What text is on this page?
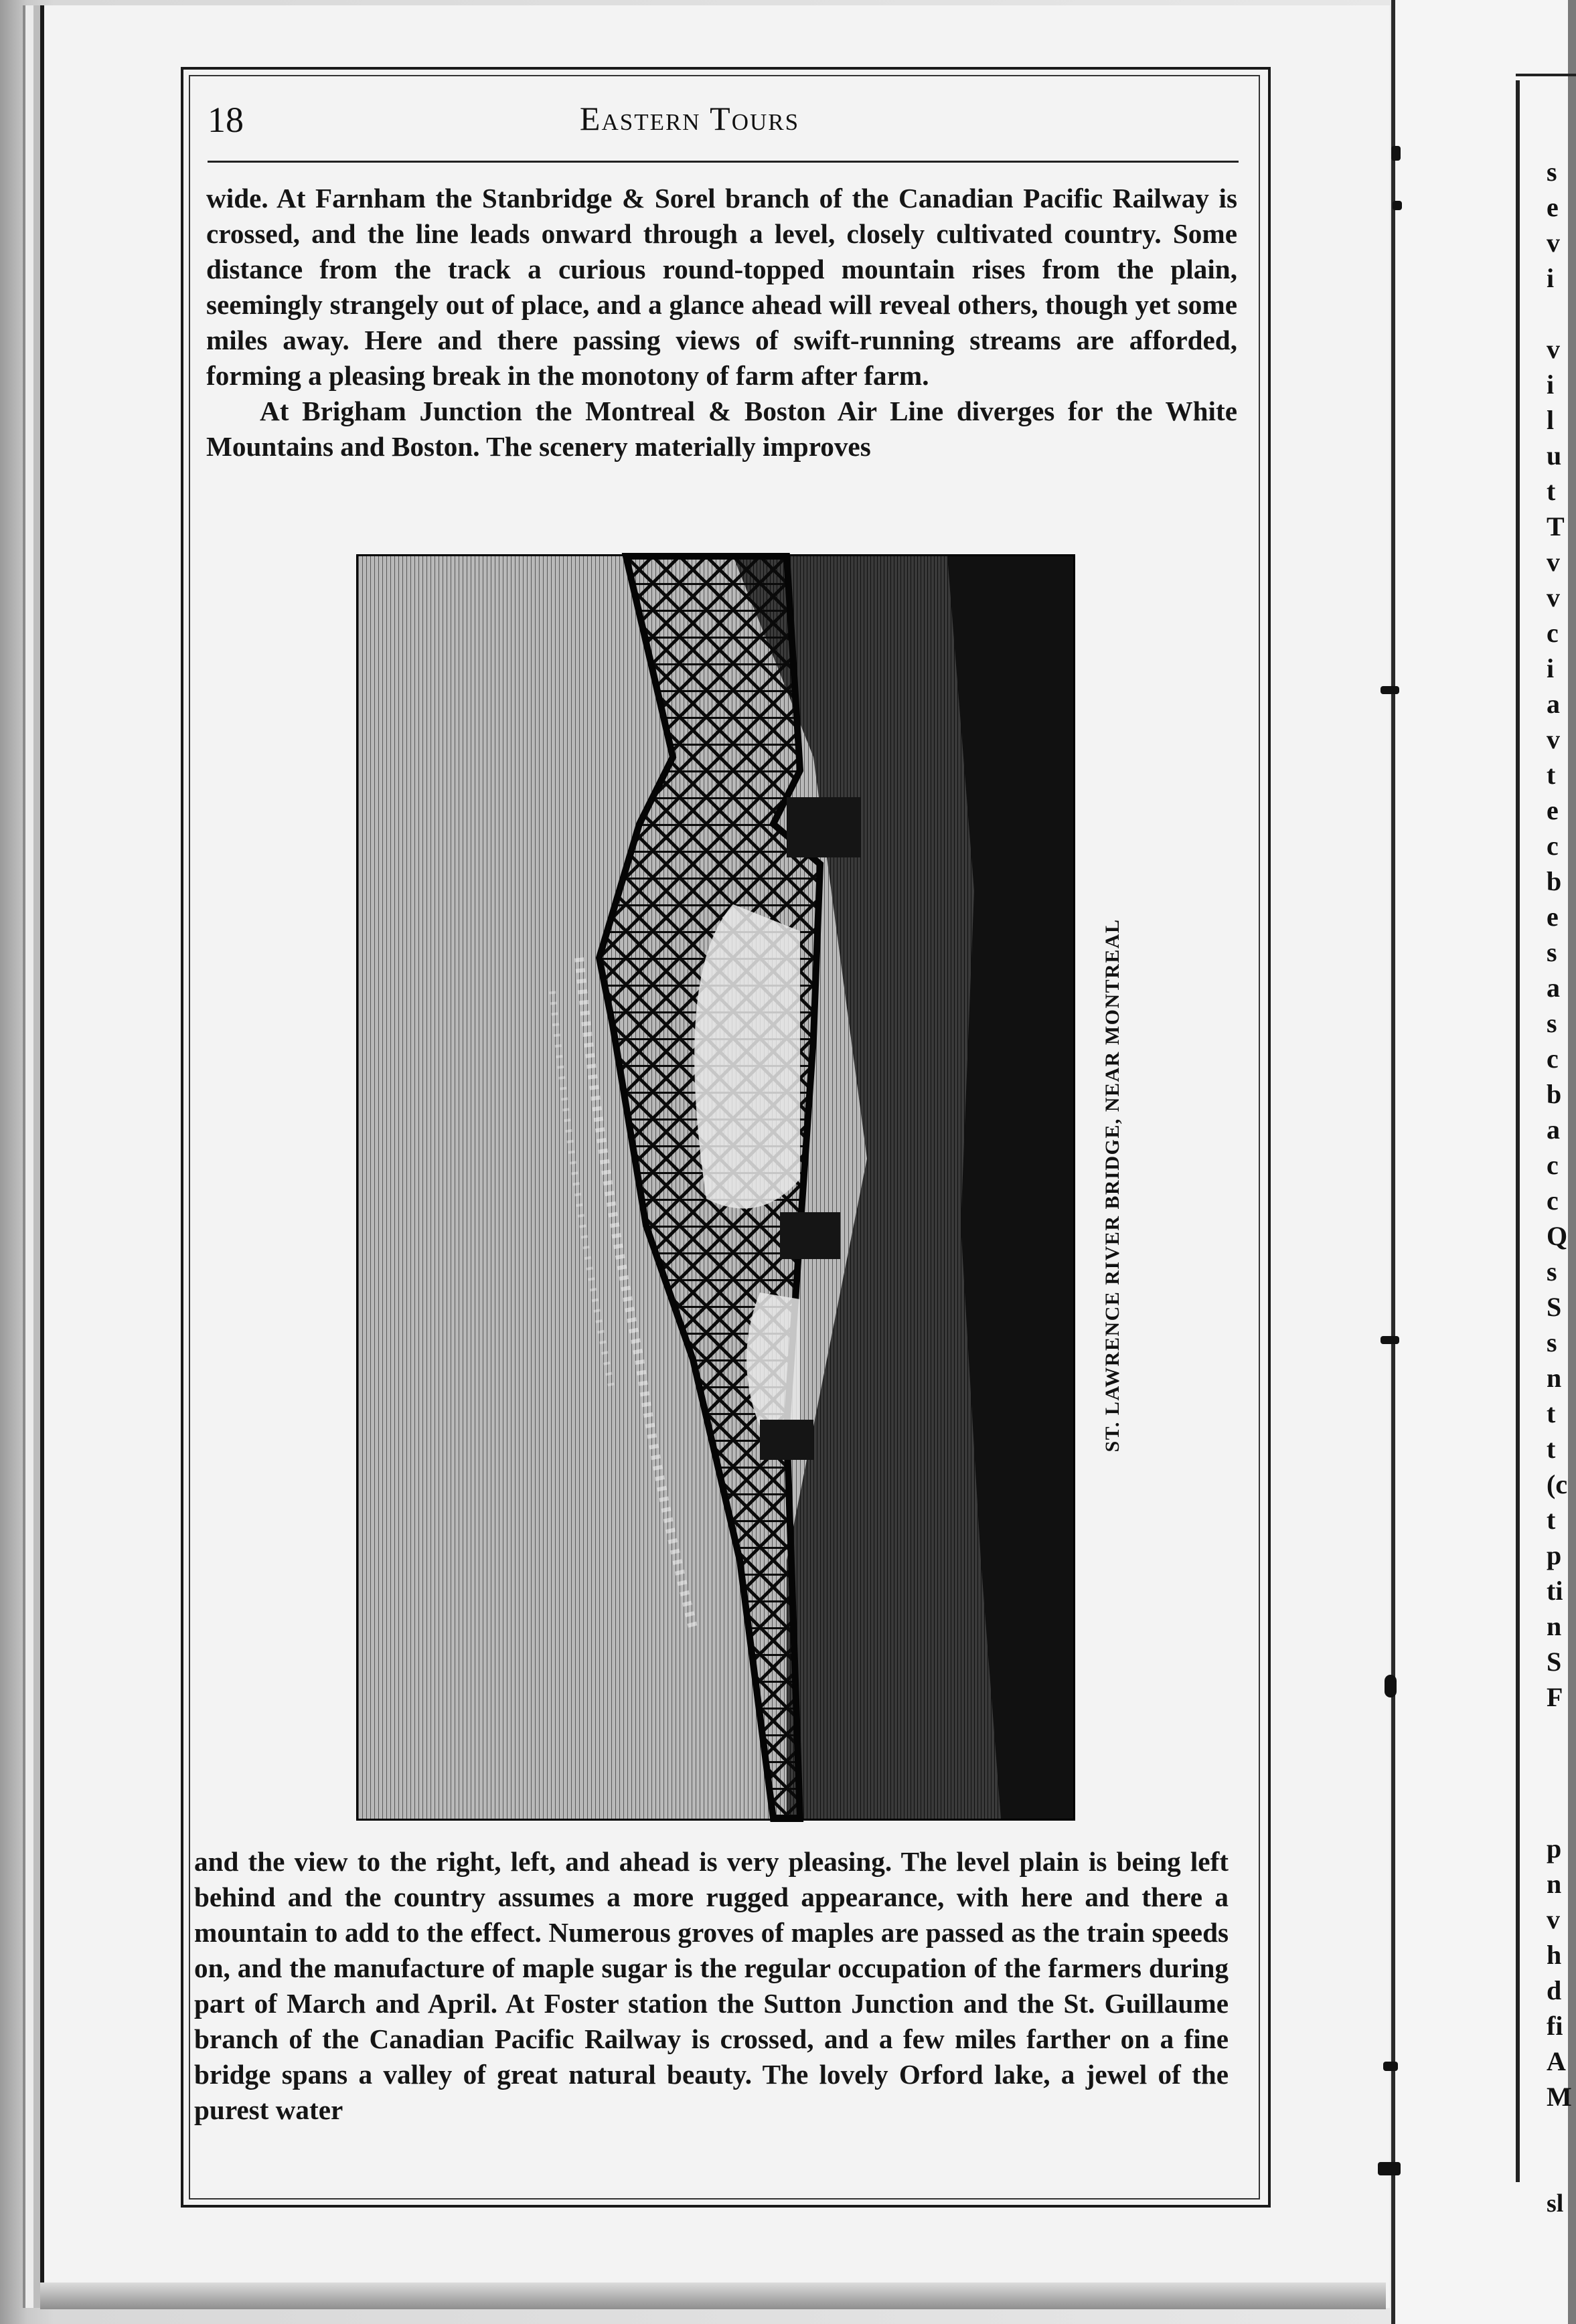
s
e
v
i
v
i
l
u
t
T
v
v
c
i
a
v
t
e
c
b
e
s
a
s
c
b
a
c
c
Q
s
S
s
n
t
t
(c
t
p
ti
n
S
F
p
n
v
h
d
fi
A
M
sl
18	Eastern Tours

wide. At Farnham the Stanbridge & Sorel branch of the Canadian Pacific Railway is crossed, and the line leads onward through a level, closely cultivated country. Some distance from the track a curious round-topped mountain rises from the plain, seemingly strangely out of place, and a glance ahead will reveal others, though yet some miles away. Here and there passing views of swift-running streams are afforded, forming a pleasing break in the monotony of farm after farm.

At Brigham Junction the Montreal & Boston Air Line diverges for the White Mountains and Boston. The scenery materially improves

ST. LAWRENCE RIVER BRIDGE, NEAR MONTREAL

and the view to the right, left, and ahead is very pleasing. The level plain is being left behind and the country assumes a more rugged appearance, with here and there a mountain to add to the effect. Numerous groves of maples are passed as the train speeds on, and the manufacture of maple sugar is the regular occupation of the farmers during part of March and April. At Foster station the Sutton Junction and the St. Guillaume branch of the Canadian Pacific Railway is crossed, and a few miles farther on a fine bridge spans a valley of great natural beauty. The lovely Orford lake, a jewel of the purest water
